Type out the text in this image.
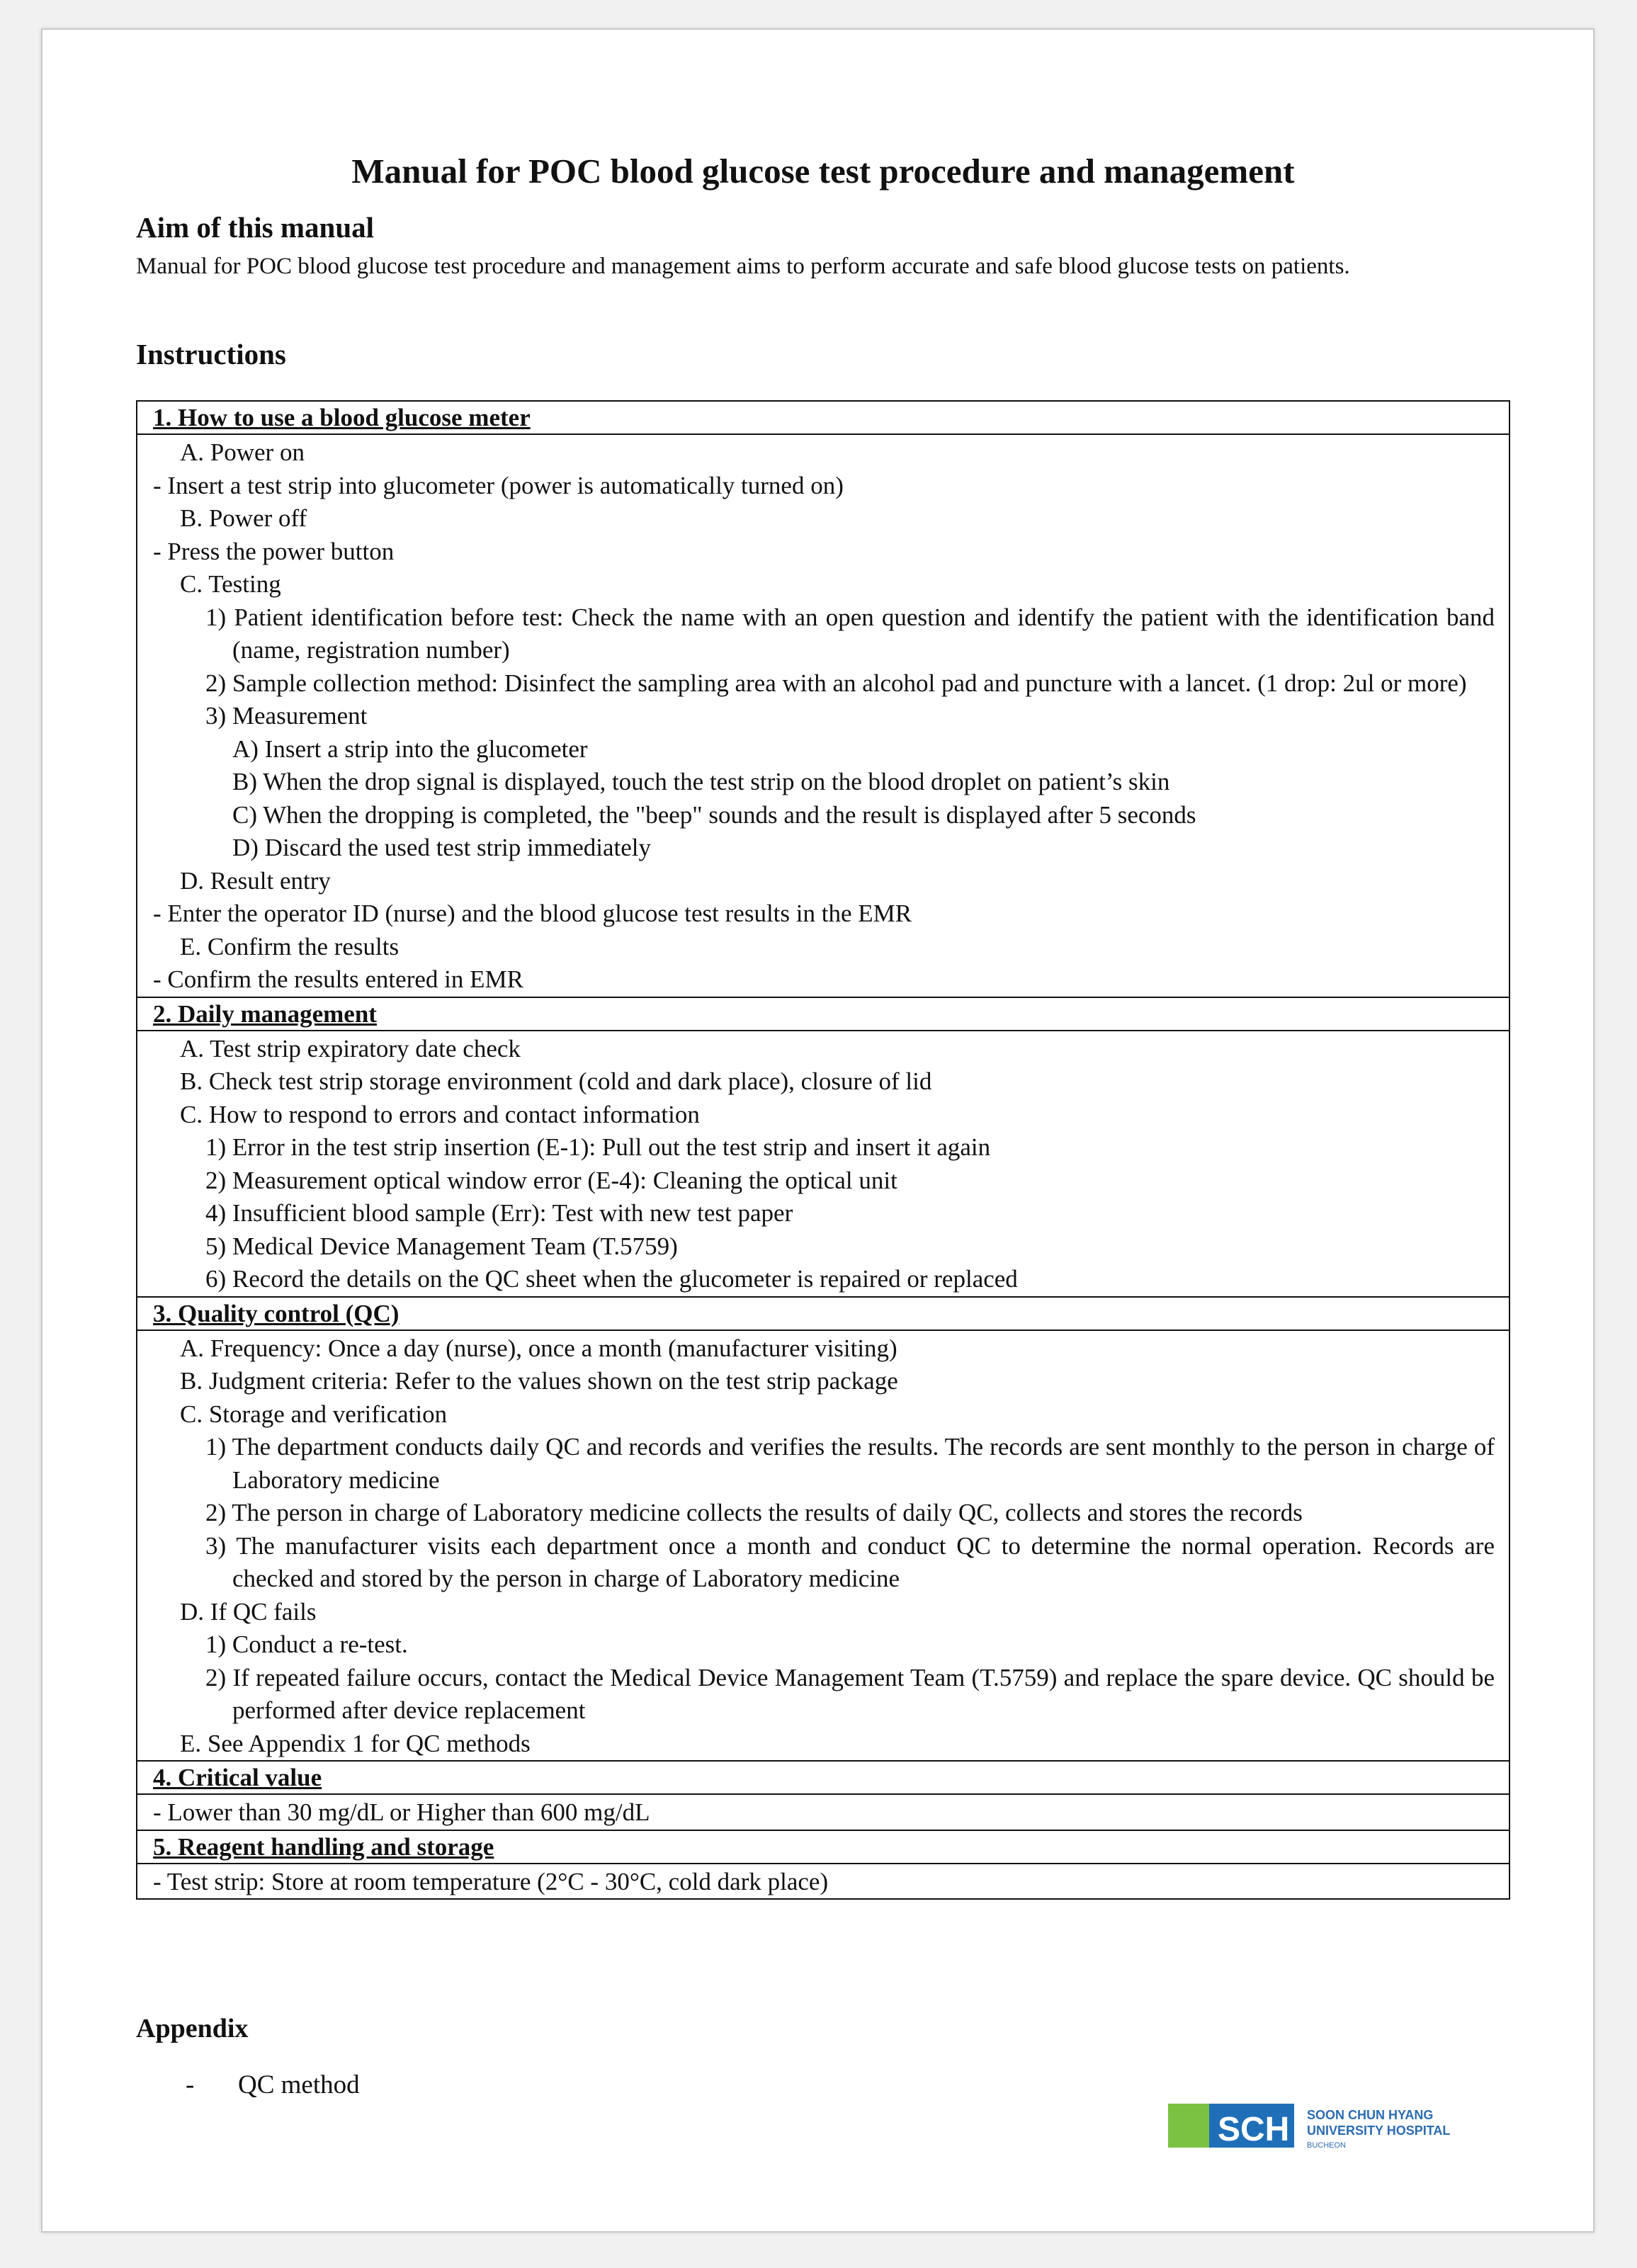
Manual for POC blood glucose test procedure and management
Aim of this manual
Manual for POC blood glucose test procedure and management aims to perform accurate and safe blood glucose tests on patients.
Instructions
1. How to use a blood glucose meter
A. Power on
- Insert a test strip into glucometer (power is automatically turned on)
B. Power off
- Press the power button
C. Testing
1) Patient identification before test: Check the name with an open question and identify the patient with the identification band (name, registration number)
2) Sample collection method: Disinfect the sampling area with an alcohol pad and puncture with a lancet. (1 drop: 2ul or more)
3) Measurement
A) Insert a strip into the glucometer
B) When the drop signal is displayed, touch the test strip on the blood droplet on patient’s skin
C) When the dropping is completed, the "beep" sounds and the result is displayed after 5 seconds
D) Discard the used test strip immediately
D. Result entry
- Enter the operator ID (nurse) and the blood glucose test results in the EMR
E. Confirm the results
- Confirm the results entered in EMR
2. Daily management
A. Test strip expiratory date check
B. Check test strip storage environment (cold and dark place), closure of lid
C. How to respond to errors and contact information
1) Error in the test strip insertion (E-1): Pull out the test strip and insert it again
2) Measurement optical window error (E-4): Cleaning the optical unit
4) Insufficient blood sample (Err): Test with new test paper
5) Medical Device Management Team (T.5759)
6) Record the details on the QC sheet when the glucometer is repaired or replaced
3. Quality control (QC)
A. Frequency: Once a day (nurse), once a month (manufacturer visiting)
B. Judgment criteria: Refer to the values shown on the test strip package
C. Storage and verification
1) The department conducts daily QC and records and verifies the results. The records are sent monthly to the person in charge of Laboratory medicine
2) The person in charge of Laboratory medicine collects the results of daily QC, collects and stores the records
3) The manufacturer visits each department once a month and conduct QC to determine the normal operation. Records are checked and stored by the person in charge of Laboratory medicine
D. If QC fails
1) Conduct a re-test.
2) If repeated failure occurs, contact the Medical Device Management Team (T.5759) and replace the spare device. QC should be performed after device replacement
E. See Appendix 1 for QC methods
4. Critical value
- Lower than 30 mg/dL or Higher than 600 mg/dL
5. Reagent handling and storage
- Test strip: Store at room temperature (2°C - 30°C, cold dark place)
Appendix
- QC method
SCH SOON CHUN HYANG
UNIVERSITY HOSPITAL
BUCHEON
